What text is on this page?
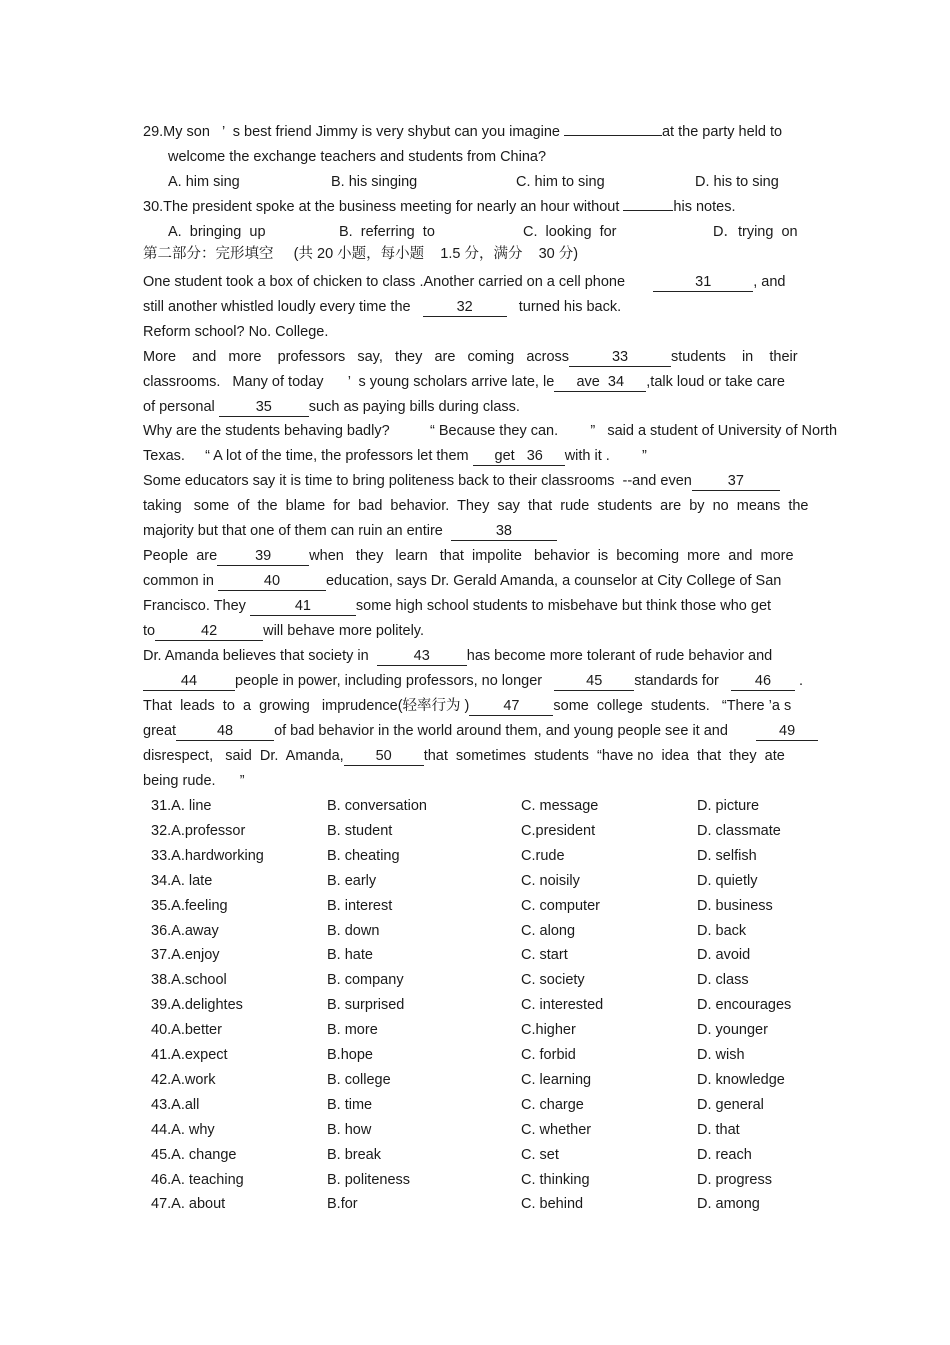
29.My son ’ s best friend Jimmy is very shybut can you imagine	at the party held to
welcome the exchange teachers and students from China?
A. him sing	B. his singing	C. him to sing	D. his to sing
30.The president spoke at the business meeting for nearly an hour without	his notes.
A.  bringing  up	B.  referring  to	C.  looking  for	D．trying  on
第二部分：完形填空 (共 20 小题，每小题    1.5 分，满分    30 分)
One student took a box of chicken to class .Another carried on a cell phone	31	, and
still another whistled loudly every time the	32	turned his back.
Reform school? No. College.
More    and   more    professors   say,   they   are   coming   across	33	students    in    their
classrooms.   Many of today ’ s young scholars arrive late, le ave  34 ,talk loud or take care
of personal	35	such as paying bills during class.
Why are the students behaving badly?	“ Because they can. ” said a student of University of North
Texas. “ A lot of the time, the professors let them get   36 with it . ”
Some educators say it is time to bring politeness back to their classrooms  --and even 37
taking   some  of  the  blame  for  bad  behavior.  They  say  that  rude  students  are  by  no  means  the
majority but that one of them can ruin an entire	38
People  are	39	when   they   learn   that  impolite   behavior  is  becoming  more  and  more
common in	40	education, says Dr. Gerald Amanda, a counselor at City College of San
Francisco. They	41	some high school students to misbehave but think those who get
to	42	will behave more politely.
Dr. Amanda believes that society in	43	has become more tolerant of rude behavior and
44	people in power, including professors, no longer	45 standards for 46 .
That  leads  to  a  growing   imprudence(轻率行为 ) 47 some  college  students. “There ’a s
great	48	of bad behavior in the world around them, and young people see it and	49
disrespect,   said  Dr.  Amanda, 50 that  sometimes  students “have no  idea  that  they  ate
being rude. ”
31.A. line	B. conversation	C. message	D. picture
32.A.professor	B. student	C.president	D. classmate
33.A.hardworking	B. cheating	C.rude	D. selfish
34.A. late	B. early	C. noisily	D. quietly
35.A.feeling	B. interest	C. computer	D. business
36.A.away	B. down	C. along	D. back
37.A.enjoy	B. hate	C. start	D. avoid
38.A.school	B. company	C. society	D. class
39.A.delightes	B. surprised	C. interested	D. encourages
40.A.better	B. more	C.higher	D. younger
41.A.expect	B.hope	C. forbid	D. wish
42.A.work	B. college	C. learning	D. knowledge
43.A.all	B. time	C. charge	D. general
44.A. why	B. how	C. whether	D. that
45.A. change	B. break	C. set	D. reach
46.A. teaching	B. politeness	C. thinking	D. progress
47.A. about	B.for	C. behind	D. among
